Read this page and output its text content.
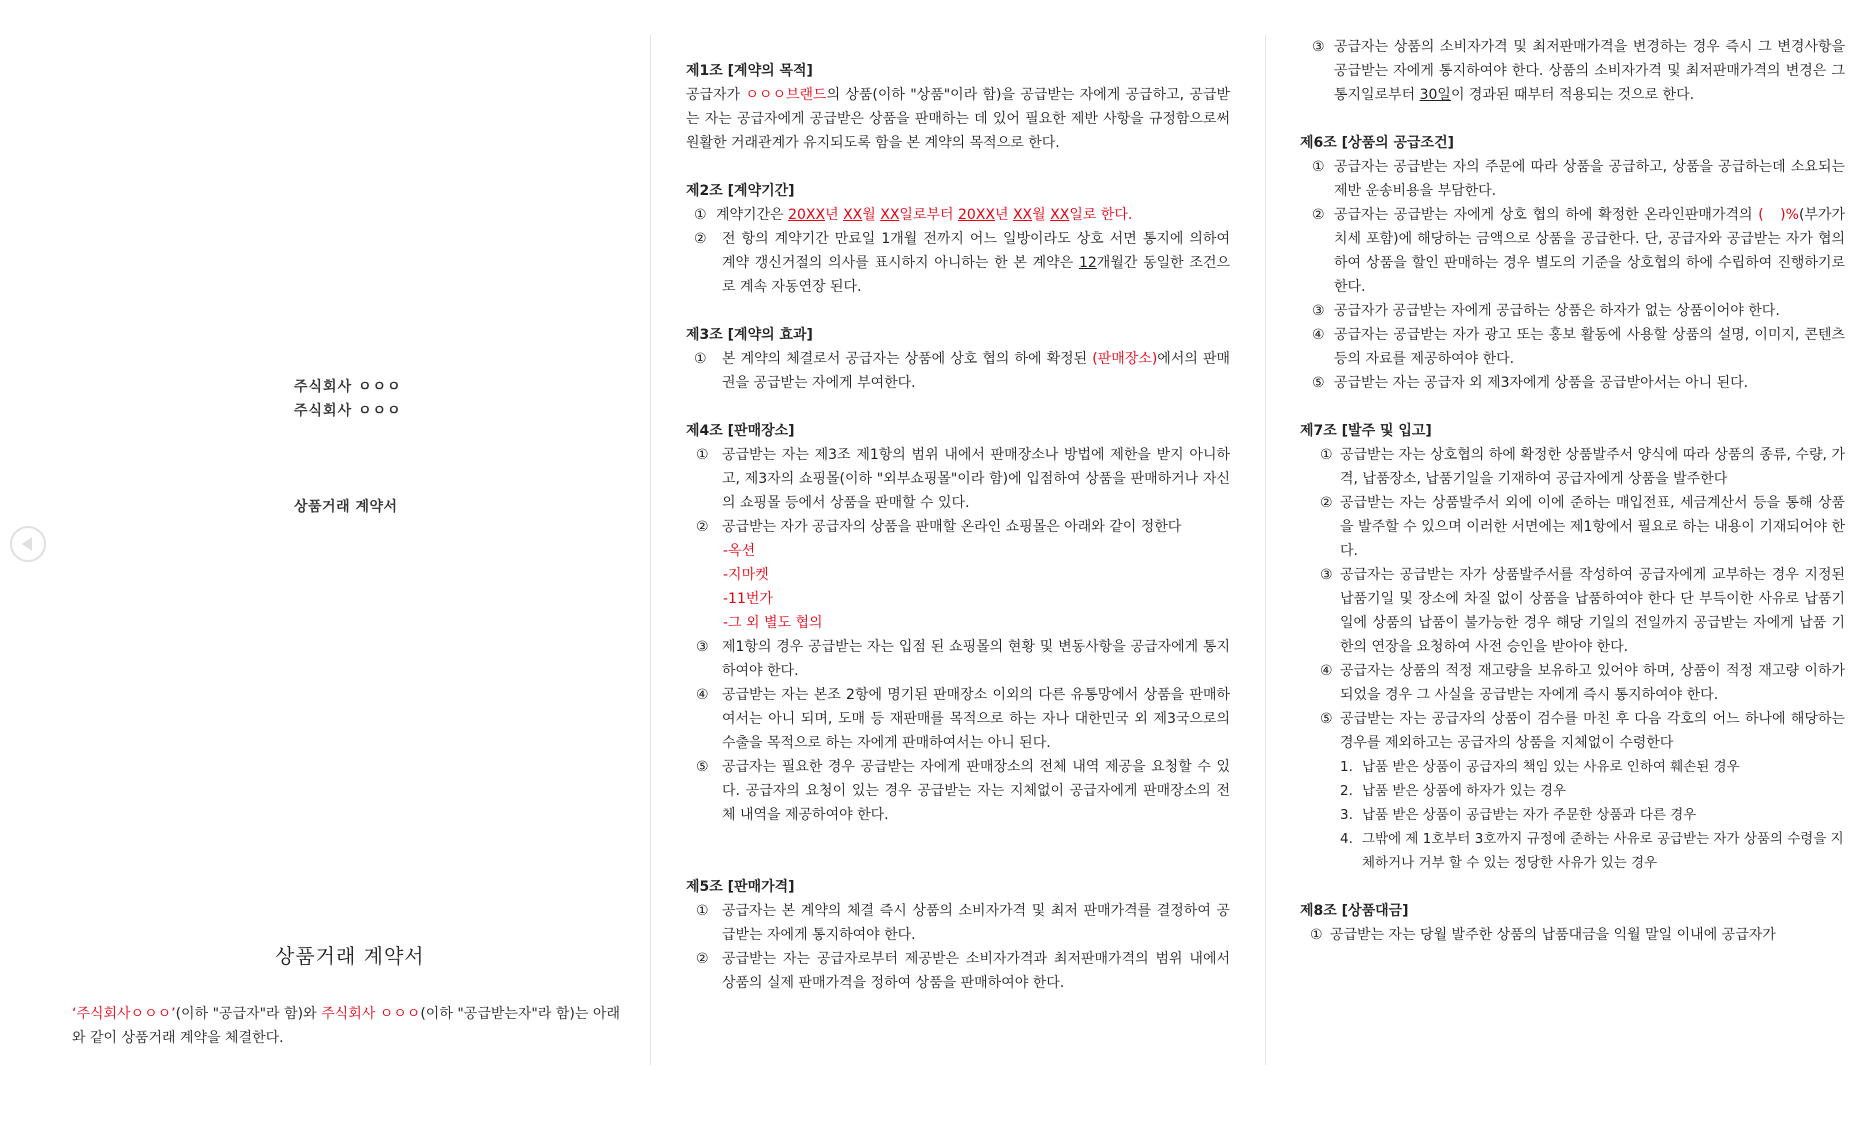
주식회사 ㅇㅇㅇ
주식회사 ㅇㅇㅇ
상품거래 계약서
상품거래 계약서
‘주식회사ㅇㅇㅇ’(이하 "공급자"라 함)와 주식회사 ㅇㅇㅇ(이하 "공급받는자"라 함)는 아래와 같이 상품거래 계약을 체결한다.
제1조 [계약의 목적]
공급자가 ㅇㅇㅇ브랜드의 상품(이하 "상품"이라 함)을 공급받는 자에게 공급하고, 공급받는 자는 공급자에게 공급받은 상품을 판매하는 데 있어 필요한 제반 사항을 규정함으로써 원활한 거래관계가 유지되도록 함을 본 계약의 목적으로 한다.
제2조 [계약기간]
① 계약기간은 20XX년 XX월 XX일로부터 20XX년 XX월 XX일로 한다.
② 전 항의 계약기간 만료일 1개월 전까지 어느 일방이라도 상호 서면 통지에 의하여 계약 갱신거절의 의사를 표시하지 아니하는 한 본 계약은 12개월간 동일한 조건으로 계속 자동연장 된다.
제3조 [계약의 효과]
① 본 계약의 체결로서 공급자는 상품에 상호 협의 하에 확정된 (판매장소)에서의 판매권을 공급받는 자에게 부여한다.
제4조 [판매장소]
① 공급받는 자는 제3조 제1항의 범위 내에서 판매장소나 방법에 제한을 받지 아니하고, 제3자의 쇼핑몰(이하 "외부쇼핑몰"이라 함)에 입점하여 상품을 판매하거나 자신의 쇼핑몰 등에서 상품을 판매할 수 있다.
② 공급받는 자가 공급자의 상품을 판매할 온라인 쇼핑몰은 아래와 같이 정한다
-옥션
-지마켓
-11번가
-그 외 별도 협의
③ 제1항의 경우 공급받는 자는 입점 된 쇼핑몰의 현황 및 변동사항을 공급자에게 통지하여야 한다.
④ 공급받는 자는 본조 2항에 명기된 판매장소 이외의 다른 유통망에서 상품을 판매하여서는 아니 되며, 도매 등 재판매를 목적으로 하는 자나 대한민국 외 제3국으로의 수출을 목적으로 하는 자에게 판매하여서는 아니 된다.
⑤ 공급자는 필요한 경우 공급받는 자에게 판매장소의 전체 내역 제공을 요청할 수 있다. 공급자의 요청이 있는 경우 공급받는 자는 지체없이 공급자에게 판매장소의 전체 내역을 제공하여야 한다.
제5조 [판매가격]
① 공급자는 본 계약의 체결 즉시 상품의 소비자가격 및 최저 판매가격를 결정하여 공급받는 자에게 통지하여야 한다.
② 공급받는 자는 공급자로부터 제공받은 소비자가격과 최저판매가격의 범위 내에서 상품의 실제 판매가격을 정하여 상품을 판매하여야 한다.
③ 공급자는 상품의 소비자가격 및 최저판매가격을 변경하는 경우 즉시 그 변경사항을 공급받는 자에게 통지하여야 한다. 상품의 소비자가격 및 최저판매가격의 변경은 그 통지일로부터 30일이 경과된 때부터 적용되는 것으로 한다.
제6조 [상품의 공급조건]
① 공급자는 공급받는 자의 주문에 따라 상품을 공급하고, 상품을 공급하는데 소요되는 제반 운송비용을 부담한다.
② 공급자는 공급받는 자에게 상호 협의 하에 확정한 온라인판매가격의 (　)%(부가가치세 포함)에 해당하는 금액으로 상품을 공급한다. 단, 공급자와 공급받는 자가 협의하여 상품을 할인 판매하는 경우 별도의 기준을 상호협의 하에 수립하여 진행하기로 한다.
③ 공급자가 공급받는 자에게 공급하는 상품은 하자가 없는 상품이어야 한다.
④ 공급자는 공급받는 자가 광고 또는 홍보 활동에 사용할 상품의 설명, 이미지, 콘텐츠 등의 자료를 제공하여야 한다.
⑤ 공급받는 자는 공급자 외 제3자에게 상품을 공급받아서는 아니 된다.
제7조 [발주 및 입고]
① 공급받는 자는 상호협의 하에 확정한 상품발주서 양식에 따라 상품의 종류, 수량, 가격, 납품장소, 납품기일을 기재하여 공급자에게 상품을 발주한다
② 공급받는 자는 상품발주서 외에 이에 준하는 매입전표, 세금계산서 등을 통해 상품을 발주할 수 있으며 이러한 서면에는 제1항에서 필요로 하는 내용이 기재되어야 한다.
③ 공급자는 공급받는 자가 상품발주서를 작성하여 공급자에게 교부하는 경우 지정된 납품기일 및 장소에 차질 없이 상품을 납품하여야 한다 단 부득이한 사유로 납품기일에 상품의 납품이 불가능한 경우 해당 기일의 전일까지 공급받는 자에게 납품 기한의 연장을 요청하여 사전 승인을 받아야 한다.
④ 공급자는 상품의 적정 재고량을 보유하고 있어야 하며, 상품이 적정 재고량 이하가 되었을 경우 그 사실을 공급받는 자에게 즉시 통지하여야 한다.
⑤ 공급받는 자는 공급자의 상품이 검수를 마친 후 다음 각호의 어느 하나에 해당하는 경우를 제외하고는 공급자의 상품을 지체없이 수령한다
1. 납품 받은 상품이 공급자의 책임 있는 사유로 인하여 훼손된 경우
2. 납품 받은 상품에 하자가 있는 경우
3. 납품 받은 상품이 공급받는 자가 주문한 상품과 다른 경우
4. 그밖에 제 1호부터 3호까지 규정에 준하는 사유로 공급받는 자가 상품의 수령을 지체하거나 거부 할 수 있는 정당한 사유가 있는 경우
제8조 [상품대금]
① 공급받는 자는 당월 발주한 상품의 납품대금을 익월 말일 이내에 공급자가
